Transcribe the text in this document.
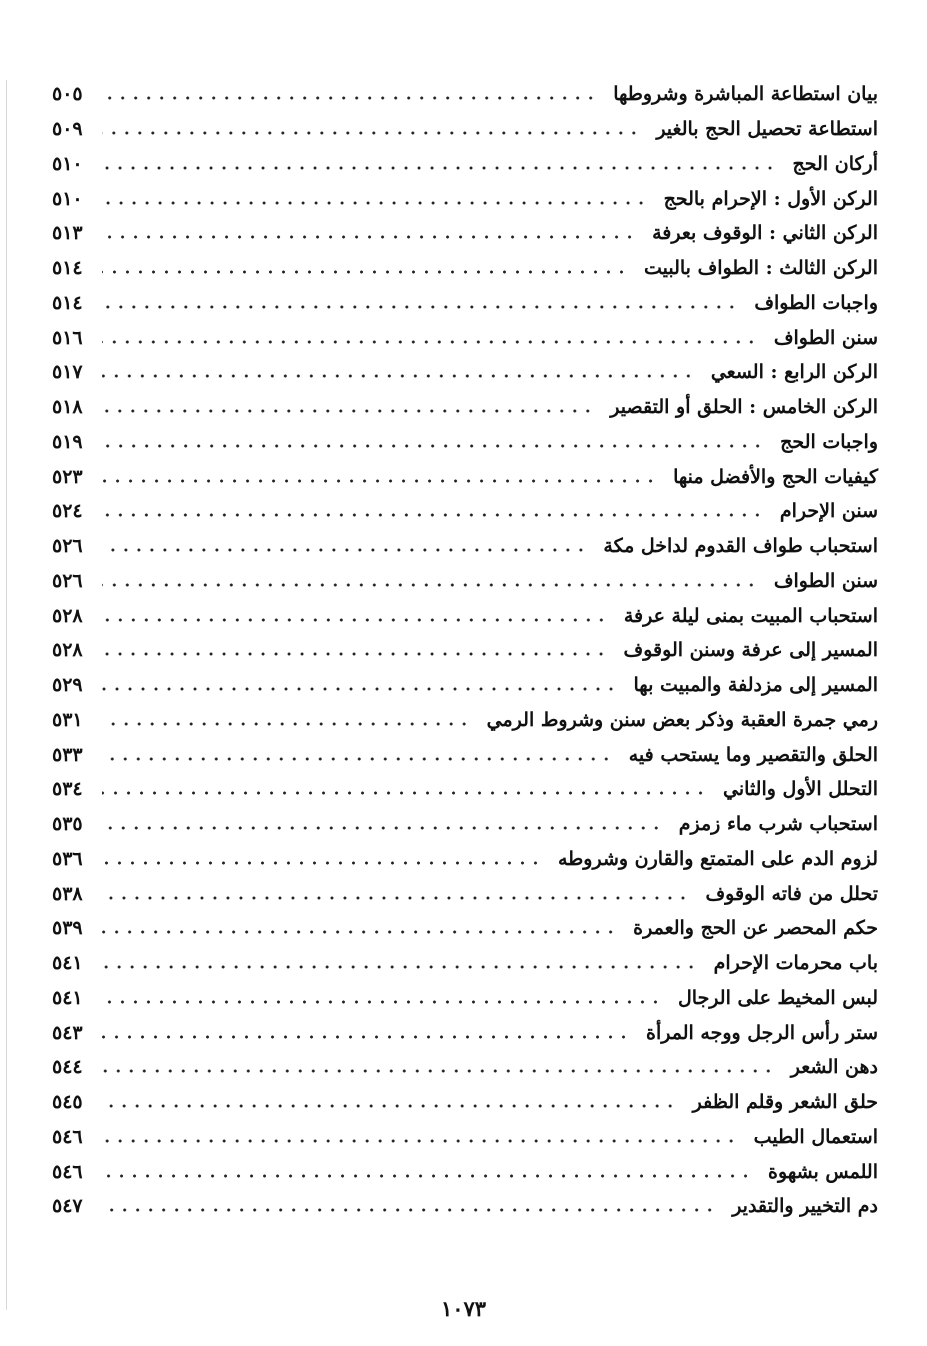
بيان استطاعة المباشرة وشروطها
٥٠٥
استطاعة تحصيل الحج بالغير
٥٠٩
أركان الحج
٥١٠
الركن الأول : الإحرام بالحج
٥١٠
الركن الثاني : الوقوف بعرفة
٥١٣
الركن الثالث : الطواف بالبيت
٥١٤
واجبات الطواف
٥١٤
سنن الطواف
٥١٦
الركن الرابع : السعي
٥١٧
الركن الخامس : الحلق أو التقصير
٥١٨
واجبات الحج
٥١٩
كيفيات الحج والأفضل منها
٥٢٣
سنن الإحرام
٥٢٤
استحباب طواف القدوم لداخل مكة
٥٢٦
سنن الطواف
٥٢٦
استحباب المبيت بمنى ليلة عرفة
٥٢٨
المسير إلى عرفة وسنن الوقوف
٥٢٨
المسير إلى مزدلفة والمبيت بها
٥٢٩
رمي جمرة العقبة وذكر بعض سنن وشروط الرمي
٥٣١
الحلق والتقصير وما يستحب فيه
٥٣٣
التحلل الأول والثاني
٥٣٤
استحباب شرب ماء زمزم
٥٣٥
لزوم الدم على المتمتع والقارن وشروطه
٥٣٦
تحلل من فاته الوقوف
٥٣٨
حكم المحصر عن الحج والعمرة
٥٣٩
باب محرمات الإحرام
٥٤١
لبس المخيط على الرجال
٥٤١
ستر رأس الرجل ووجه المرأة
٥٤٣
دهن الشعر
٥٤٤
حلق الشعر وقلم الظفر
٥٤٥
استعمال الطيب
٥٤٦
اللمس بشهوة
٥٤٦
دم التخيير والتقدير
٥٤٧
١٠٧٣
